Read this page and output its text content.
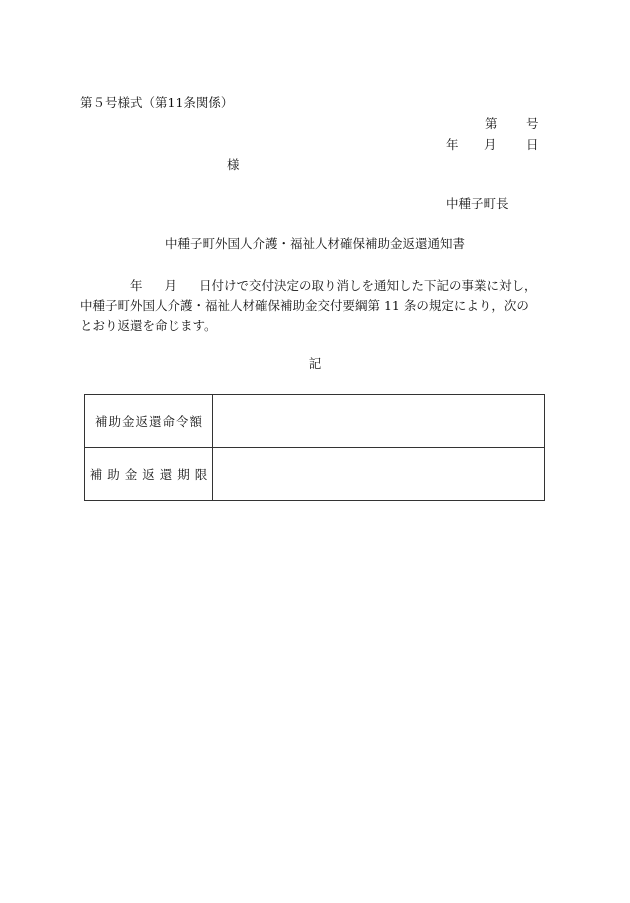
第５号様式（第11条関係）
第 号
年 月 日
様
中種子町長
中種子町外国人介護・福祉人材確保補助金返還通知書
年 月 日付けで交付決定の取り消しを通知した下記の事業に対し，
中種子町外国人介護・福祉人材確保補助金交付要綱第 11 条の規定により，次の
とおり返還を命じます。
記
補助金返還命令額	
補助金返還期限	
